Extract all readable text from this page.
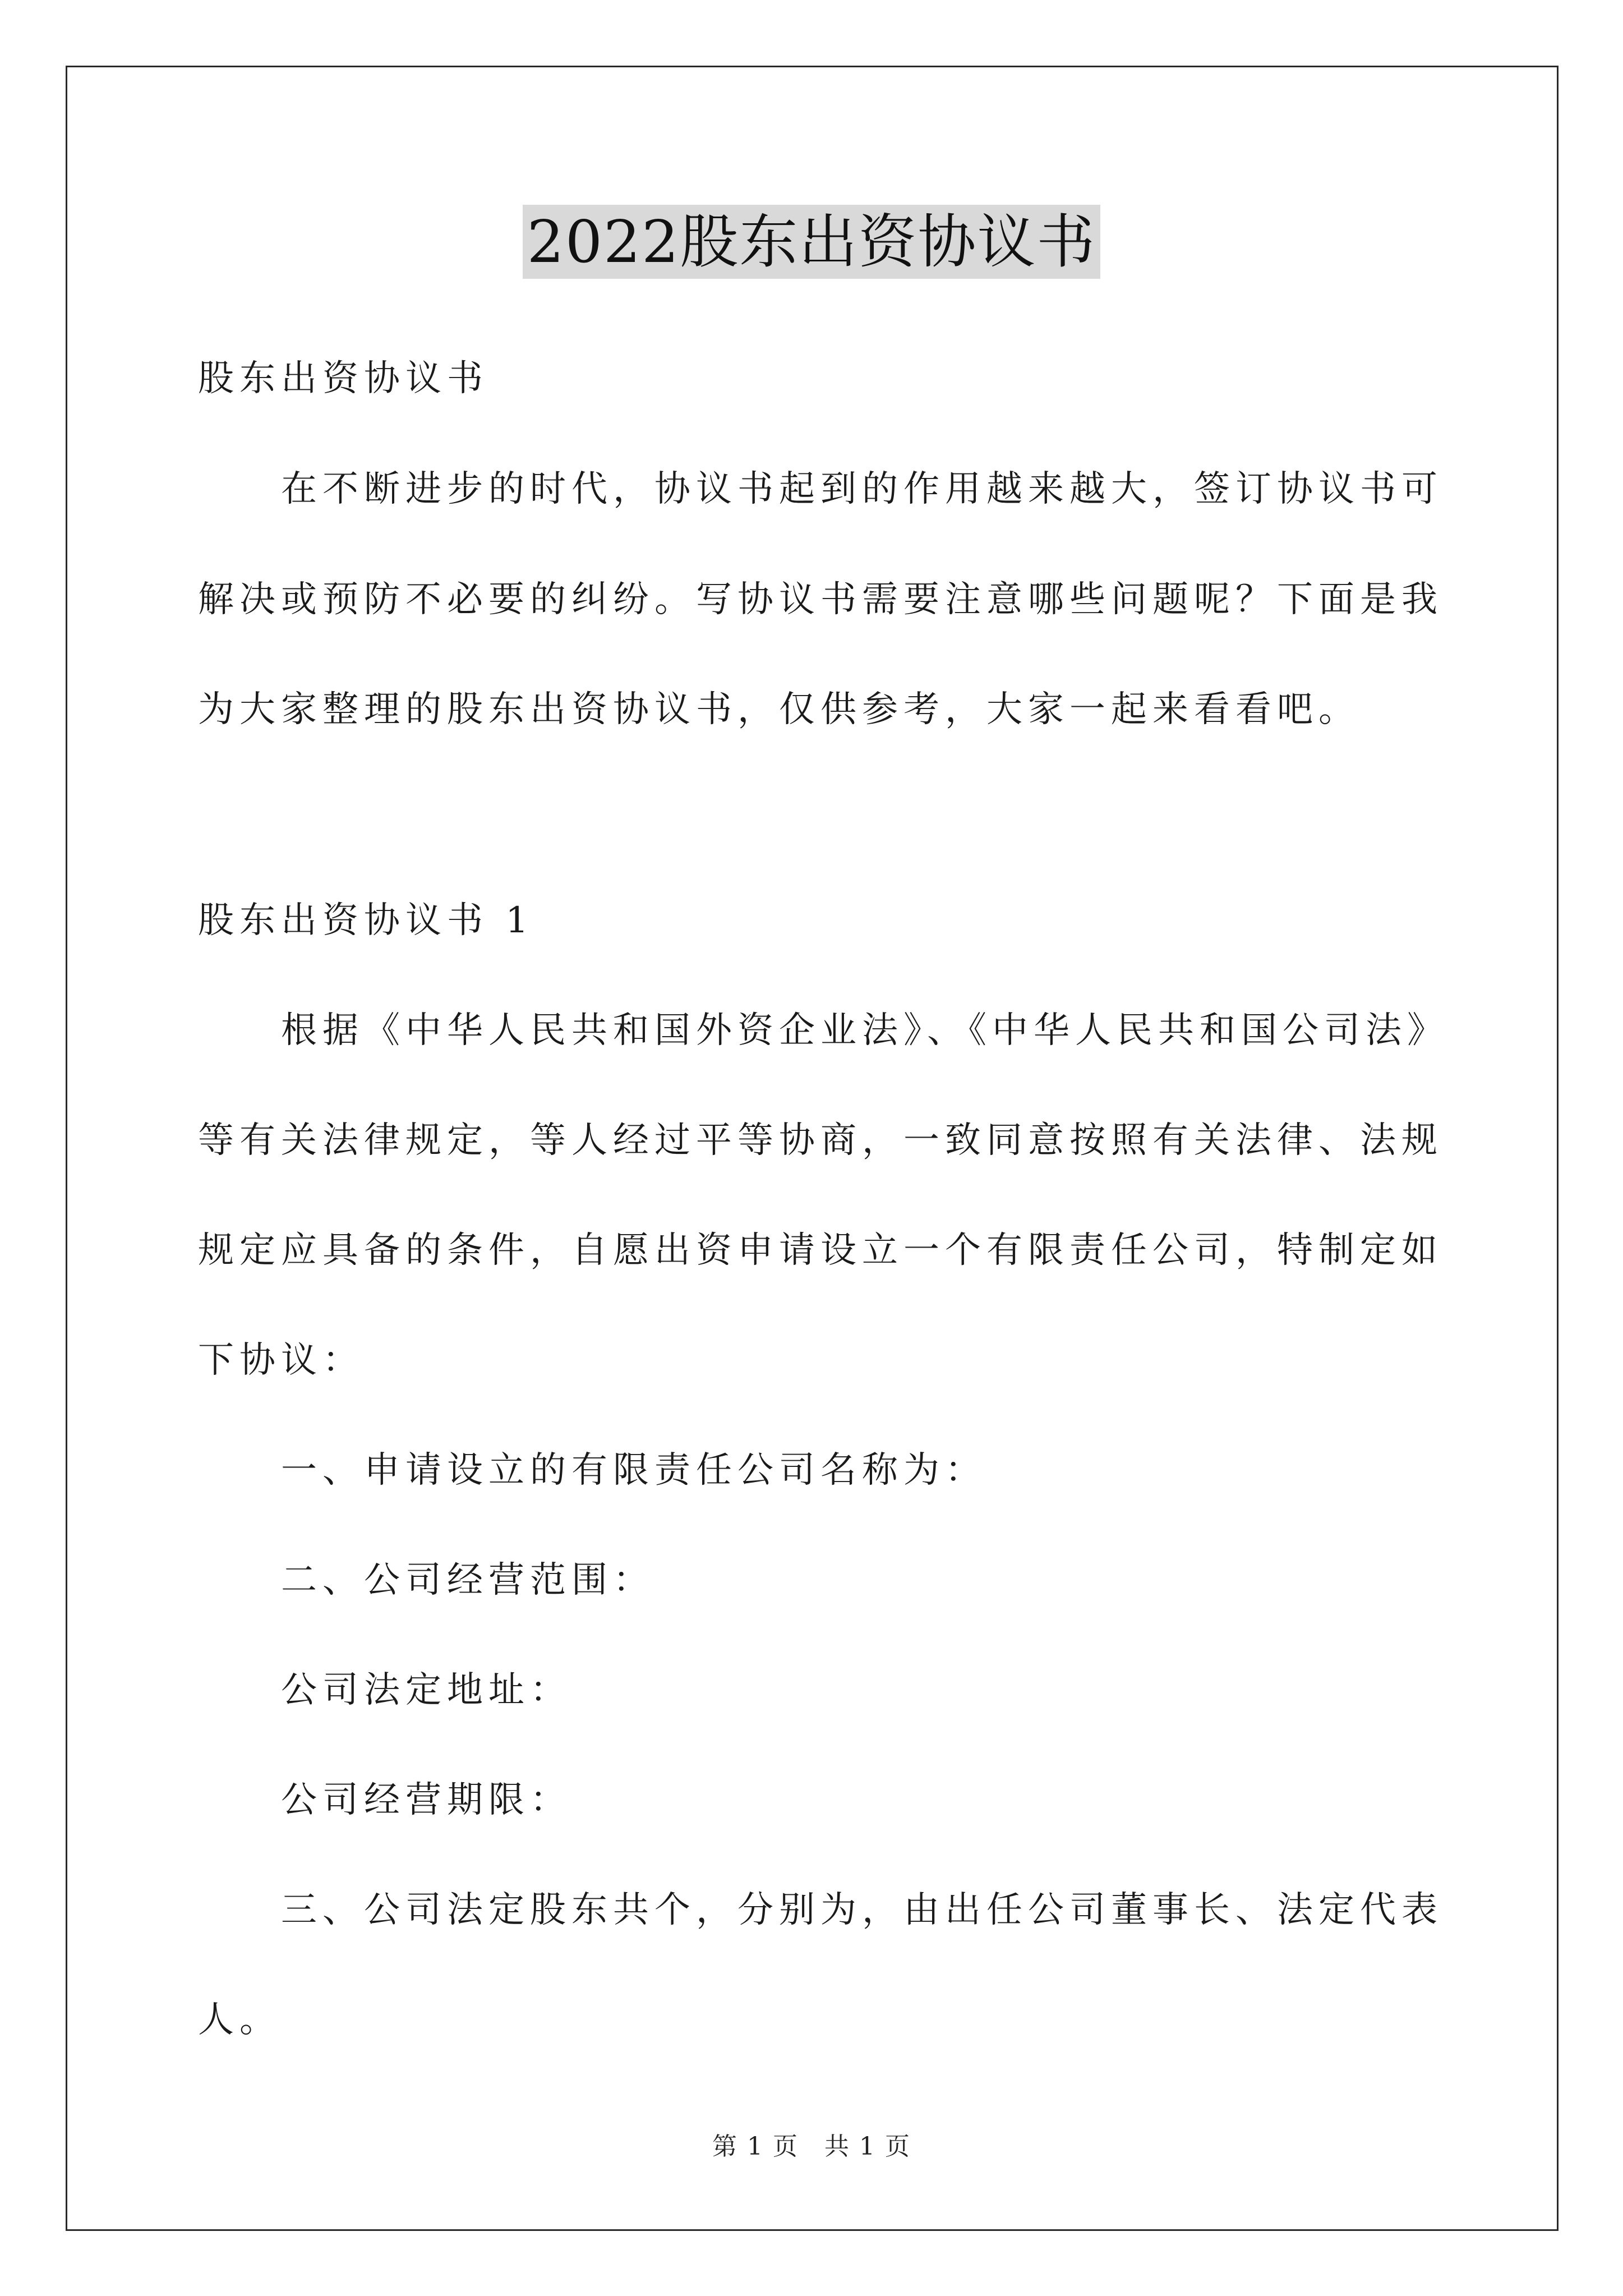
2022股东出资协议书
股东出资协议书
在不断进步的时代，协议书起到的作用越来越大，签订协议书可
解决或预防不必要的纠纷。写协议书需要注意哪些问题呢？下面是我
为大家整理的股东出资协议书，仅供参考，大家一起来看看吧。
股东出资协议书 1
根据《中华人民共和国外资企业法》、《中华人民共和国公司法》
等有关法律规定，等人经过平等协商，一致同意按照有关法律、法规
规定应具备的条件，自愿出资申请设立一个有限责任公司，特制定如
下协议：
一、申请设立的有限责任公司名称为：
二、公司经营范围：
公司法定地址：
公司经营期限：
三、公司法定股东共个，分别为，由出任公司董事长、法定代表
人。
第 1 页　共 1 页
